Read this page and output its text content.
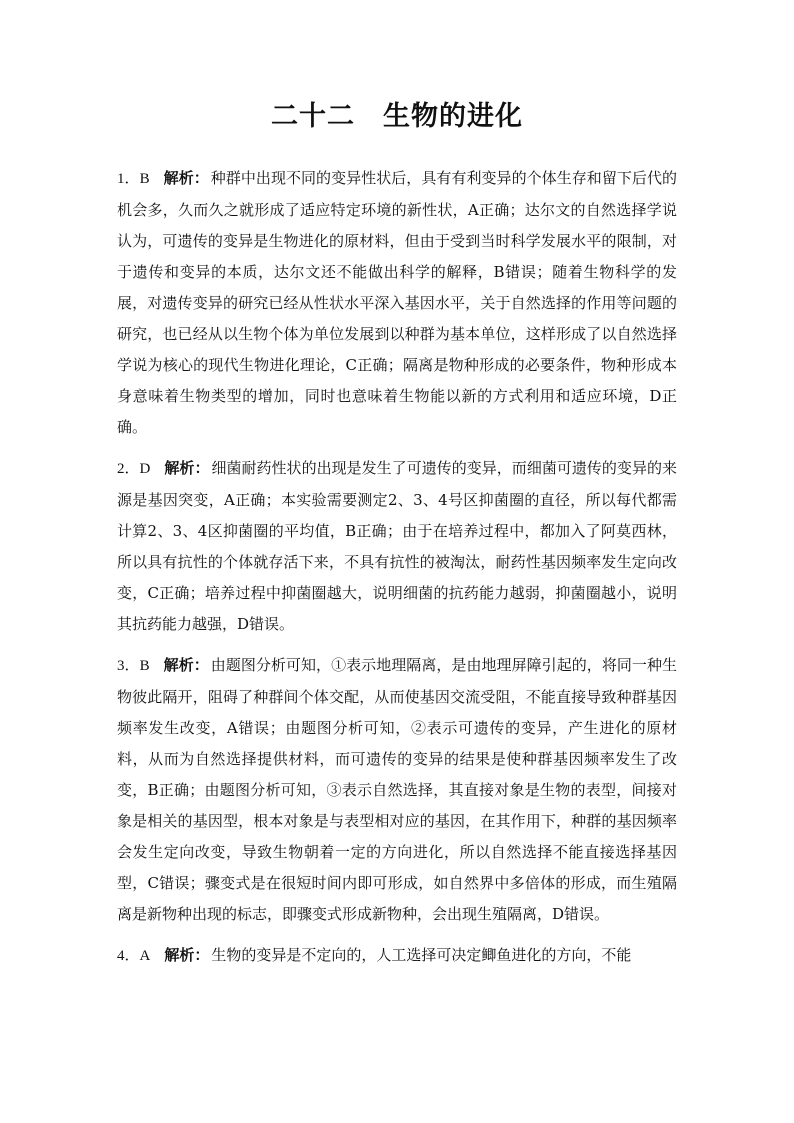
二十二　生物的进化

1．B 解析： 种群中出现不同的变异性状后，具有有利变异的个体生存和留下后代的机会多，久而久之就形成了适应特定环境的新性状，A正确；达尔文的自然选择学说认为，可遗传的变异是生物进化的原材料，但由于受到当时科学发展水平的限制，对于遗传和变异的本质，达尔文还不能做出科学的解释，B错误；随着生物科学的发展，对遗传变异的研究已经从性状水平深入基因水平，关于自然选择的作用等问题的研究，也已经从以生物个体为单位发展到以种群为基本单位，这样形成了以自然选择学说为核心的现代生物进化理论，C正确；隔离是物种形成的必要条件，物种形成本身意味着生物类型的增加，同时也意味着生物能以新的方式利用和适应环境，D正确。

2．D 解析： 细菌耐药性状的出现是发生了可遗传的变异，而细菌可遗传的变异的来源是基因突变，A正确；本实验需要测定2、3、4号区抑菌圈的直径，所以每代都需计算2、3、4区抑菌圈的平均值，B正确；由于在培养过程中，都加入了阿莫西林，所以具有抗性的个体就存活下来，不具有抗性的被淘汰，耐药性基因频率发生定向改变，C正确；培养过程中抑菌圈越大，说明细菌的抗药能力越弱，抑菌圈越小，说明其抗药能力越强，D错误。

3．B 解析： 由题图分析可知，①表示地理隔离，是由地理屏障引起的，将同一种生物彼此隔开，阻碍了种群间个体交配，从而使基因交流受阻，不能直接导致种群基因频率发生改变，A错误；由题图分析可知，②表示可遗传的变异，产生进化的原材料，从而为自然选择提供材料，而可遗传的变异的结果是使种群基因频率发生了改变，B正确；由题图分析可知，③表示自然选择，其直接对象是生物的表型，间接对象是相关的基因型，根本对象是与表型相对应的基因，在其作用下，种群的基因频率会发生定向改变，导致生物朝着一定的方向进化，所以自然选择不能直接选择基因型，C错误；骤变式是在很短时间内即可形成，如自然界中多倍体的形成，而生殖隔离是新物种出现的标志，即骤变式形成新物种，会出现生殖隔离，D错误。

4．A 解析： 生物的变异是不定向的，人工选择可决定鲫鱼进化的方向，不能
